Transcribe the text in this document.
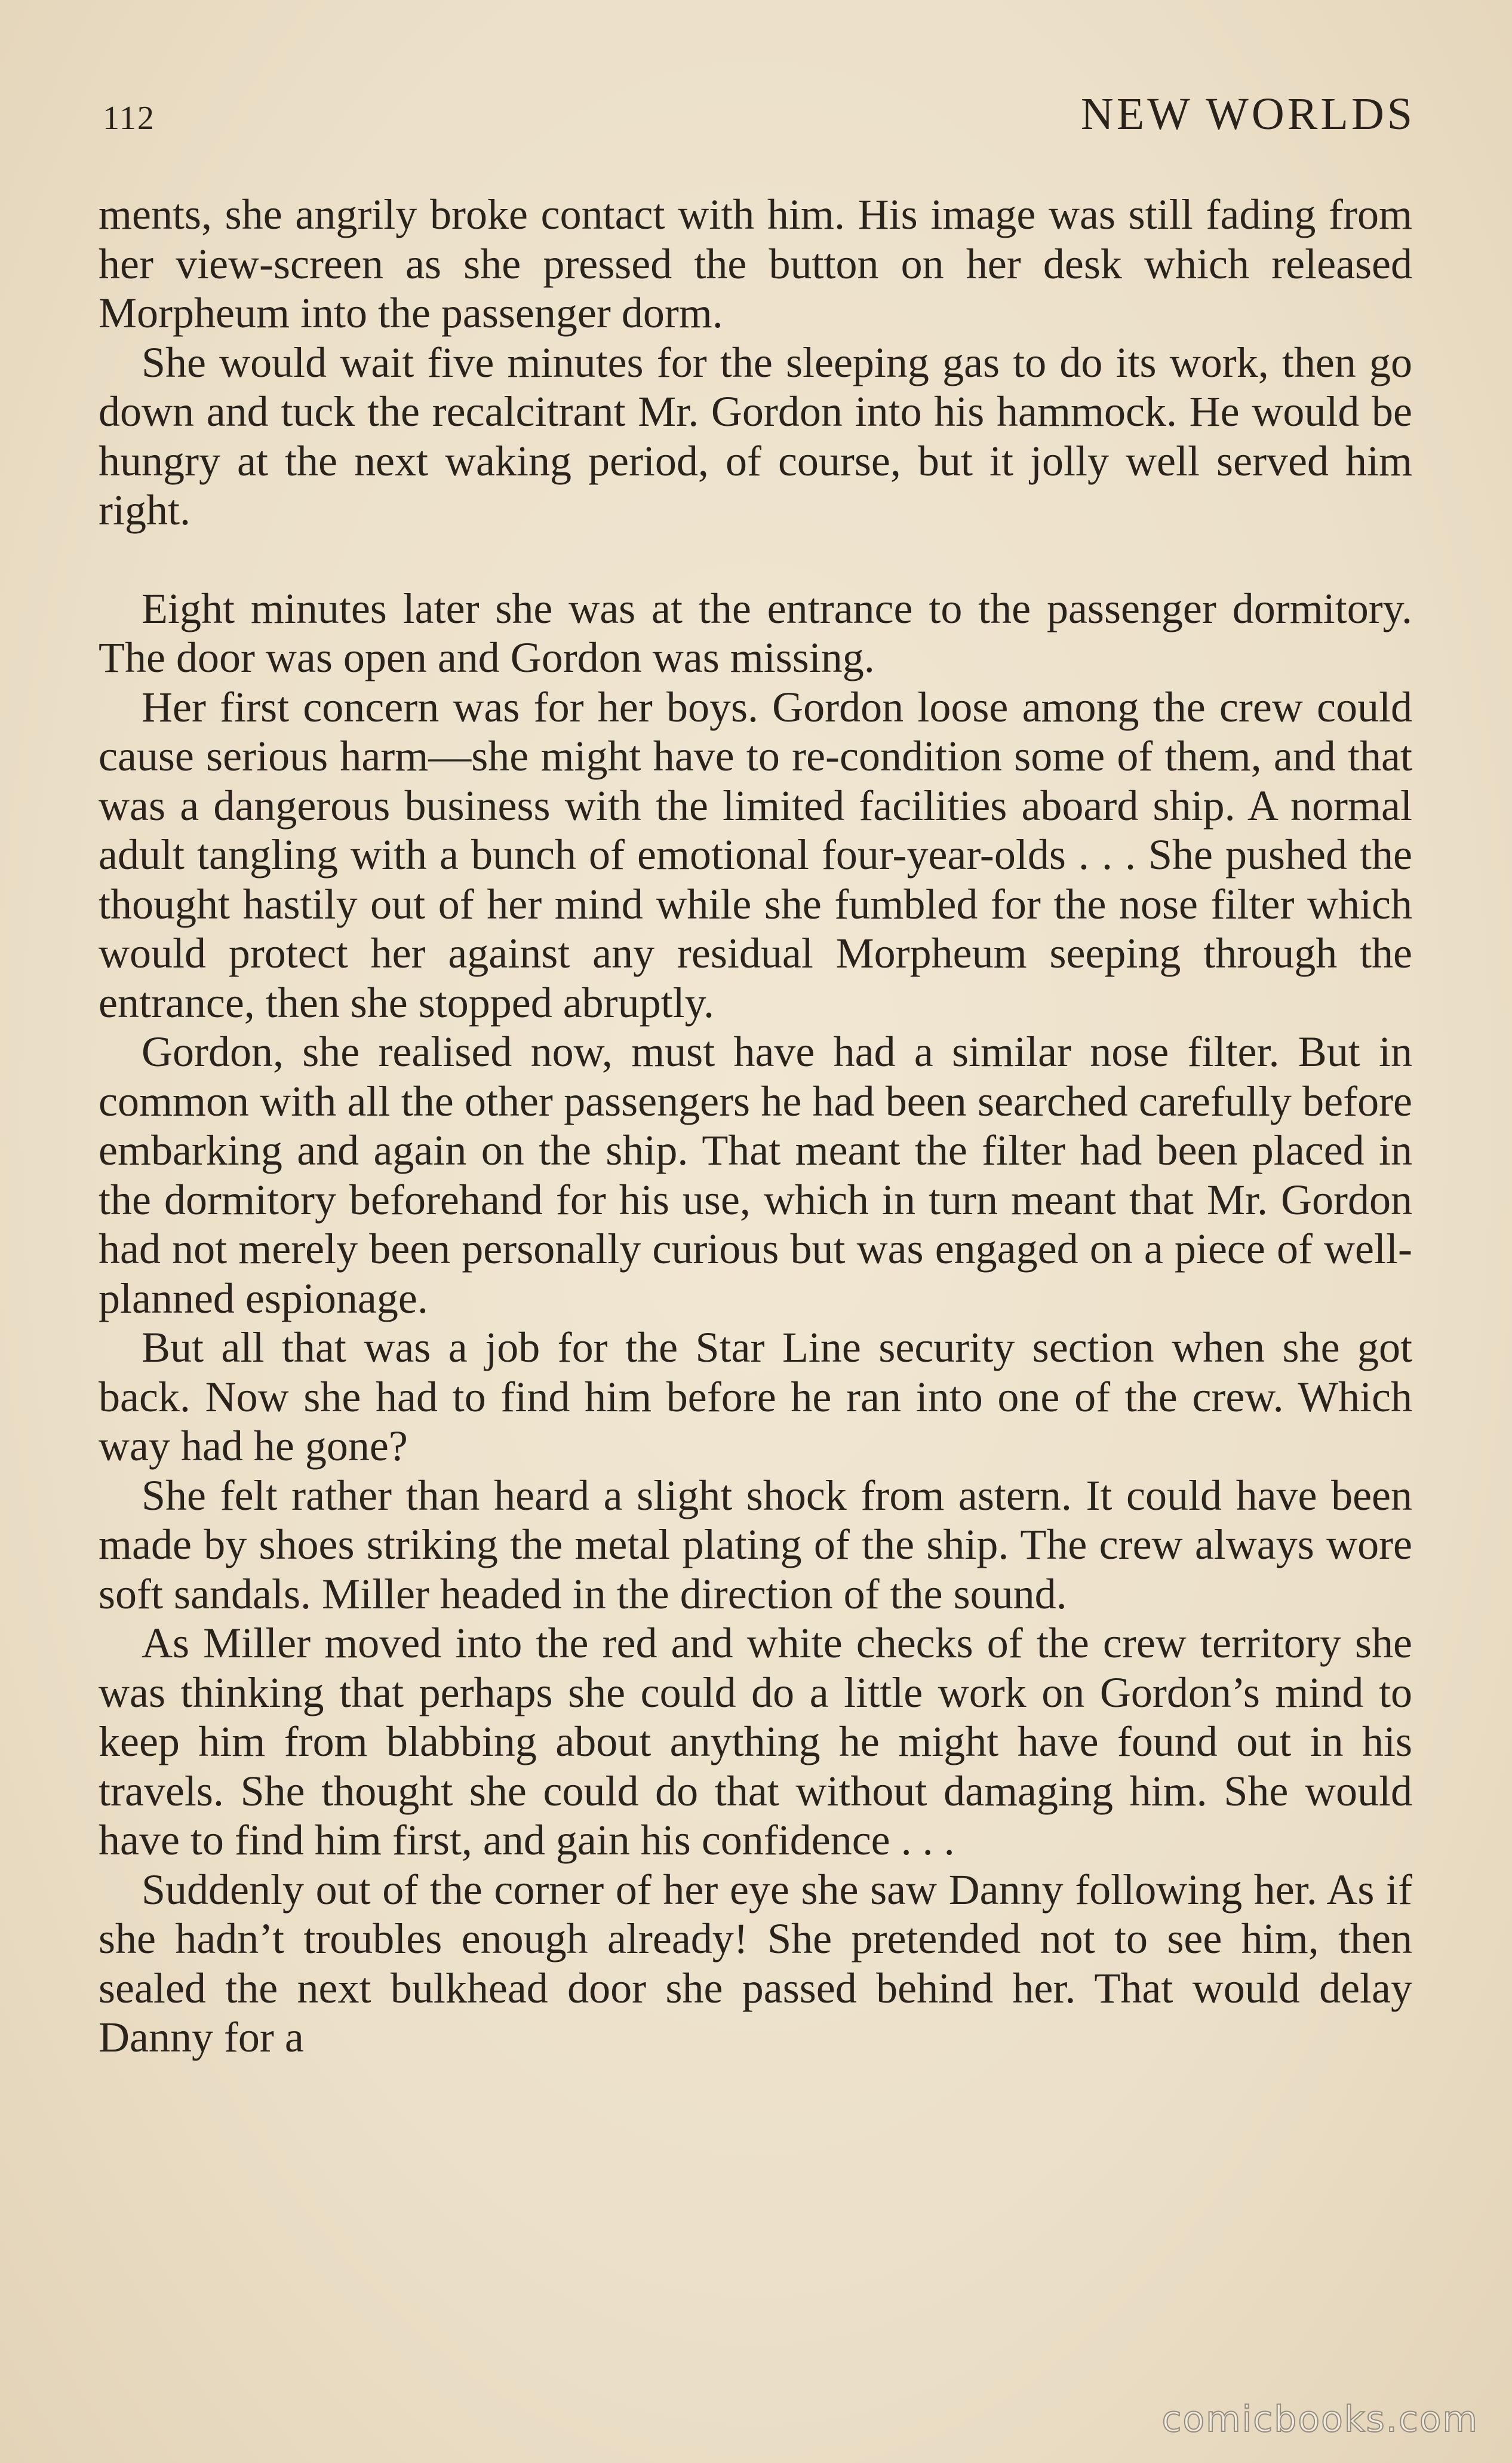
112	NEW WORLDS

ments, she angrily broke contact with him. His image was still fading from her view-screen as she pressed the button on her desk which released Morpheum into the passenger dorm.

She would wait five minutes for the sleeping gas to do its work, then go down and tuck the recalcitrant Mr. Gordon into his hammock. He would be hungry at the next waking period, of course, but it jolly well served him right.

Eight minutes later she was at the entrance to the passenger dormitory. The door was open and Gordon was missing.

Her first concern was for her boys. Gordon loose among the crew could cause serious harm—she might have to re-condition some of them, and that was a dangerous business with the limited facilities aboard ship. A normal adult tangling with a bunch of emotional four-year-olds . . . She pushed the thought hastily out of her mind while she fumbled for the nose filter which would protect her against any residual Morpheum seeping through the entrance, then she stopped abruptly.

Gordon, she realised now, must have had a similar nose filter. But in common with all the other passengers he had been searched carefully before embarking and again on the ship. That meant the filter had been placed in the dormitory beforehand for his use, which in turn meant that Mr. Gordon had not merely been personally curious but was engaged on a piece of well-planned espionage.

But all that was a job for the Star Line security section when she got back. Now she had to find him before he ran into one of the crew. Which way had he gone?

She felt rather than heard a slight shock from astern. It could have been made by shoes striking the metal plating of the ship. The crew always wore soft sandals. Miller headed in the direction of the sound.

As Miller moved into the red and white checks of the crew territory she was thinking that perhaps she could do a little work on Gordon’s mind to keep him from blabbing about anything he might have found out in his travels. She thought she could do that without damaging him. She would have to find him first, and gain his confidence . . .

Suddenly out of the corner of her eye she saw Danny following her. As if she hadn’t troubles enough already! She pretended not to see him, then sealed the next bulkhead door she passed behind her. That would delay Danny for a

comicbooks.com
